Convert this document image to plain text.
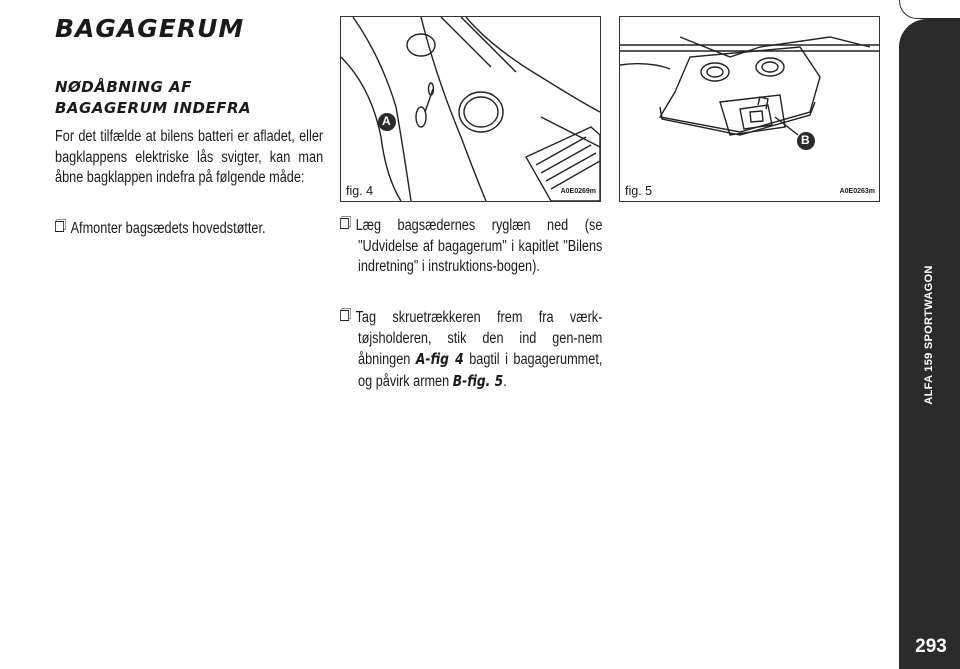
ALFA 159 SPORTWAGON
293
BAGAGERUM
NØDÅBNING AF
BAGAGERUM INDEFRA
For det tilfælde at bilens batteri er afladet, eller bagklappens elektriske lås svigter, kan man åbne bagklappen indefra på følgende måde:
Afmonter bagsædets hovedstøtter.	Læg bagsædernes ryglæn ned (se "Udvidelse af bagagerum" i kapitlet "Bilens indretning" i instruktions-bogen).
Tag skruetrækkeren frem fra værk-tøjsholderen, stik den ind gen-nem åbningen A-fig 4 bagtil i bagagerummet, og påvirk armen B-fig. 5.
A
fig. 4	A0E0269m
B
fig. 5	A0E0263m
